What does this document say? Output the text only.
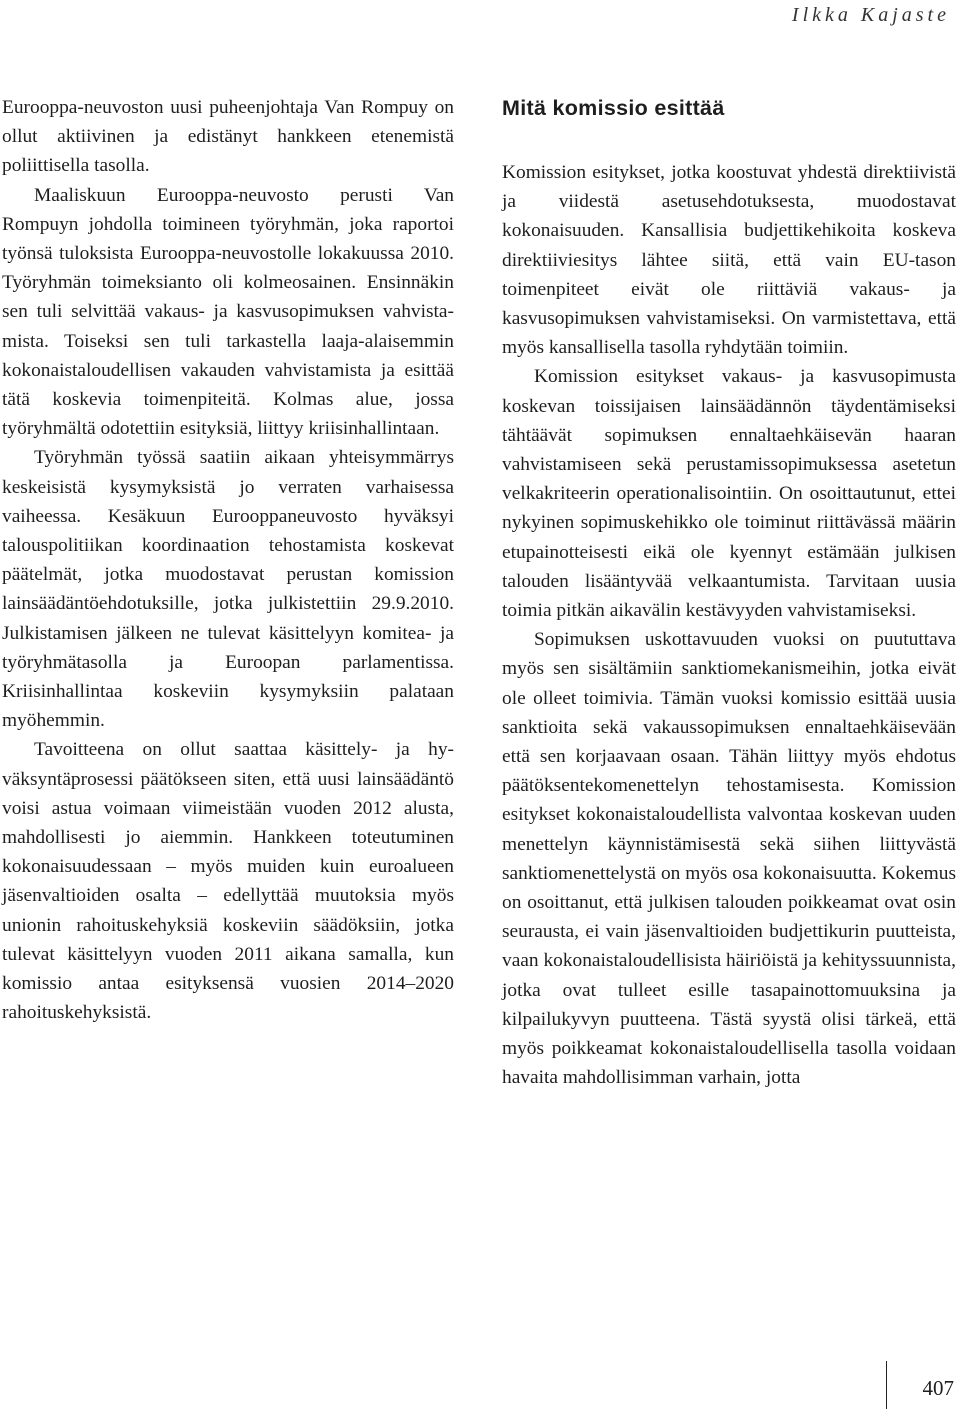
Ilkka Kajaste

Eurooppa-neuvoston uusi puheenjohtaja Van Rompuy on ollut aktiivinen ja edistänyt hankkeen etenemistä poliittisella tasolla.

Maaliskuun Eurooppa-neuvosto perusti Van Rompuyn johdolla toimineen työryhmän, joka raportoi työnsä tuloksista Eurooppa-neuvostolle lokakuussa 2010. Työryhmän toimeksianto oli kolmeosainen. Ensinnäkin sen tuli selvittää vakaus- ja kasvusopimuksen vahvistamista. Toiseksi sen tuli tarkastella laaja-alaisemmin kokonaistaloudellisen vakauden vahvistamista ja esittää tätä koskevia toimenpiteitä. Kolmas alue, jossa työryhmältä odotettiin esityksiä, liittyy kriisinhallintaan.

Työryhmän työssä saatiin aikaan yhteisymmärrys keskeisistä kysymyksistä jo verraten varhaisessa vaiheessa. Kesäkuun Eurooppaneuvosto hyväksyi talouspolitiikan koordinaation tehostamista koskevat päätelmät, jotka muodostavat perustan komission lainsäädäntöehdotuksille, jotka julkistettiin 29.9.2010. Julkistamisen jälkeen ne tulevat käsittelyyn komitea- ja työryhmätasolla ja Euroopan parlamentissa. Kriisinhallintaa koskeviin kysymyksiin palataan myöhemmin.

Tavoitteena on ollut saattaa käsittely- ja hyväksyntäprosessi päätökseen siten, että uusi lainsäädäntö voisi astua voimaan viimeistään vuoden 2012 alusta, mahdollisesti jo aiemmin. Hankkeen toteutuminen kokonaisuudessaan – myös muiden kuin euroalueen jäsenvaltioiden osalta – edellyttää muutoksia myös unionin rahoituskehyksiä koskeviin säädöksiin, jotka tulevat käsittelyyn vuoden 2011 aikana samalla, kun komissio antaa esityksensä vuosien 2014–2020 rahoituskehyksistä.

Mitä komissio esittää

Komission esitykset, jotka koostuvat yhdestä direktiivistä ja viidestä asetusehdotuksesta, muodostavat kokonaisuuden. Kansallisia budjettikehikoita koskeva direktiiviesitys lähtee siitä, että vain EU-tason toimenpiteet eivät ole riittäviä vakaus- ja kasvusopimuksen vahvistamiseksi. On varmistettava, että myös kansallisella tasolla ryhdytään toimiin.

Komission esitykset vakaus- ja kasvusopimusta koskevan toissijaisen lainsäädännön täydentämiseksi tähtäävät sopimuksen ennaltaehkäisevän haaran vahvistamiseen sekä perustamissopimuksessa asetetun velkakriteerin operationalisointiin. On osoittautunut, ettei nykyinen sopimuskehikko ole toiminut riittävässä määrin etupainotteisesti eikä ole kyennyt estämään julkisen talouden lisääntyvää velkaantumista. Tarvitaan uusia toimia pitkän aikavälin kestävyyden vahvistamiseksi.

Sopimuksen uskottavuuden vuoksi on puututtava myös sen sisältämiin sanktiomekanismeihin, jotka eivät ole olleet toimivia. Tämän vuoksi komissio esittää uusia sanktioita sekä vakaussopimuksen ennaltaehkäisevään että sen korjaavaan osaan. Tähän liittyy myös ehdotus päätöksentekomenettelyn tehostamisesta. Komission esitykset kokonaistaloudellista valvontaa koskevan uuden menettelyn käynnistämisestä sekä siihen liittyvästä sanktiomenettelystä on myös osa kokonaisuutta. Kokemus on osoittanut, että julkisen talouden poikkeamat ovat osin seurausta, ei vain jäsenvaltioiden budjettikurin puutteista, vaan kokonaistaloudellisista häiriöistä ja kehityssuunnista, jotka ovat tulleet esille tasapainottomuuksina ja kilpailukyvyn puutteena. Tästä syystä olisi tärkeä, että myös poikkeamat kokonaistaloudellisella tasolla voidaan havaita mahdollisimman varhain, jotta

407
